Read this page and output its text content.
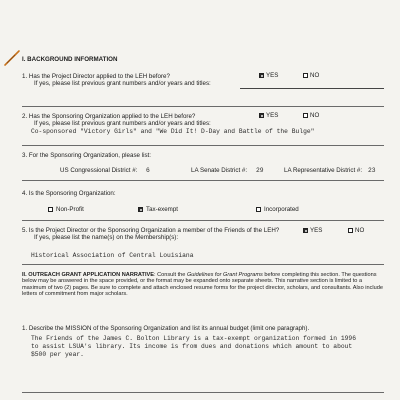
I. BACKGROUND INFORMATION
1. Has the Project Director applied to the LEH before?
If yes, please list previous grant numbers and/or years and titles:
YES	NO
2. Has the Sponsoring Organization applied to the LEH before?
If yes, please list previous grant numbers and/or years and titles:
YES	NO
Co-sponsored "Victory Girls" and "We Did It! D-Day and Battle of the Bulge"
3. For the Sponsoring Organization, please list:
US Congressional District #: 6	LA Senate District #: 29	LA Representative District #: 23
4. Is the Sponsoring Organization:
Non-Profit	Tax-exempt	Incorporated
5. Is the Project Director or the Sponsoring Organization a member of the Friends of the LEH?
If yes, please list the name(s) on the Membership(s):
YES	NO
Historical Association of Central Louisiana
II. OUTREACH GRANT APPLICATION NARRATIVE: Consult the Guidelines for Grant Programs before completing this section. The questions below may be answered in the space provided, or the format may be expanded onto separate sheets. This narrative section is limited to a maximum of two (2) pages. Be sure to complete and attach enclosed resume forms for the project director, scholars, and consultants. Also include letters of commitment from major scholars.
1. Describe the MISSION of the Sponsoring Organization and list its annual budget (limit one paragraph).
The Friends of the James C. Bolton Library is a tax-exempt organization formed in 1996
to assist LSUA's library. Its income is from dues and donations which amount to about
$500 per year.
